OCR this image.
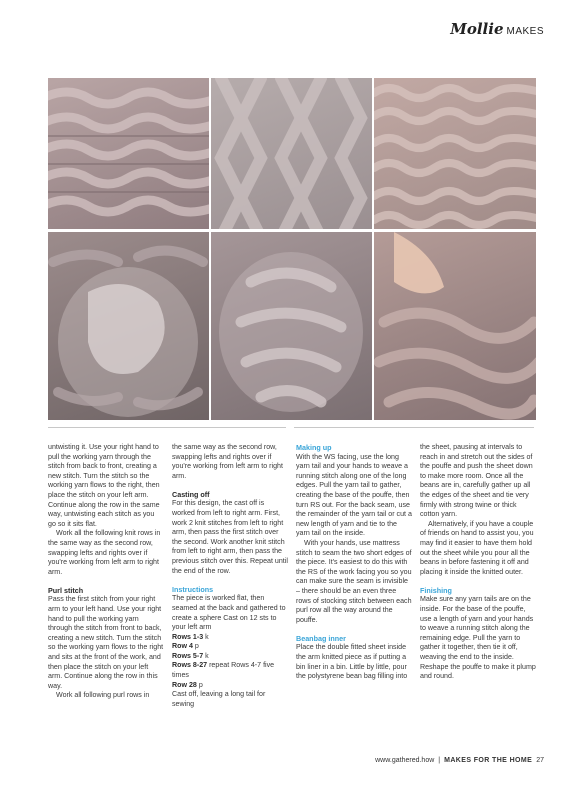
Mollie MAKES

untwisting it. Use your right hand to pull the working yarn through the stitch from back to front, creating a new stitch. Turn the stitch so the working yarn flows to the right, then place the stitch on your left arm. Continue along the row in the same way, untwisting each stitch as you go so it sits flat.

Work all the following knit rows in the same way as the second row, swapping lefts and rights over if you're working from left arm to right arm.

Purl stitch

Pass the first stitch from your right arm to your left hand. Use your right hand to pull the working yarn through the stitch from front to back, creating a new stitch. Turn the stitch so the working yarn flows to the right and sits at the front of the work, and then place the stitch on your left arm. Continue along the row in this way.

Work all following purl rows in

the same way as the second row, swapping lefts and rights over if you're working from left arm to right arm.

Casting off

For this design, the cast off is worked from left to right arm. First, work 2 knit stitches from left to right arm, then pass the first stitch over the second. Work another knit stitch from left to right arm, then pass the previous stitch over this. Repeat until the end of the row.

Instructions

The piece is worked flat, then seamed at the back and gathered to create a sphere Cast on 12 sts to your left arm

Rows 1-3 k

Row 4 p

Rows 5-7 k

Rows 8-27 repeat Rows 4-7 five times

Row 28 p

Cast off, leaving a long tail for sewing

Making up

With the WS facing, use the long yarn tail and your hands to weave a running stitch along one of the long edges. Pull the yarn tail to gather, creating the base of the pouffe, then turn RS out. For the back seam, use the remainder of the yarn tail or cut a new length of yarn and tie to the yarn tail on the inside.

With your hands, use mattress stitch to seam the two short edges of the piece. It's easiest to do this with the RS of the work facing you so you can make sure the seam is invisible – there should be an even three rows of stocking stitch between each purl row all the way around the pouffe.

Beanbag inner

Place the double fitted sheet inside the arm knitted piece as if putting a bin liner in a bin. Little by little, pour the polystyrene bean bag filling into

the sheet, pausing at intervals to reach in and stretch out the sides of the pouffe and push the sheet down to make more room. Once all the beans are in, carefully gather up all the edges of the sheet and tie very firmly with strong twine or thick cotton yarn.

Alternatively, if you have a couple of friends on hand to assist you, you may find it easier to have them hold out the sheet while you pour all the beans in before fastening it off and placing it inside the knitted outer.

Finishing

Make sure any yarn tails are on the inside. For the base of the pouffe, use a length of yarn and your hands to weave a running stitch along the remaining edge. Pull the yarn to gather it together, then tie it off, weaving the end to the inside. Reshape the pouffe to make it plump and round.

www.gathered.how | MAKES FOR THE HOME 27
